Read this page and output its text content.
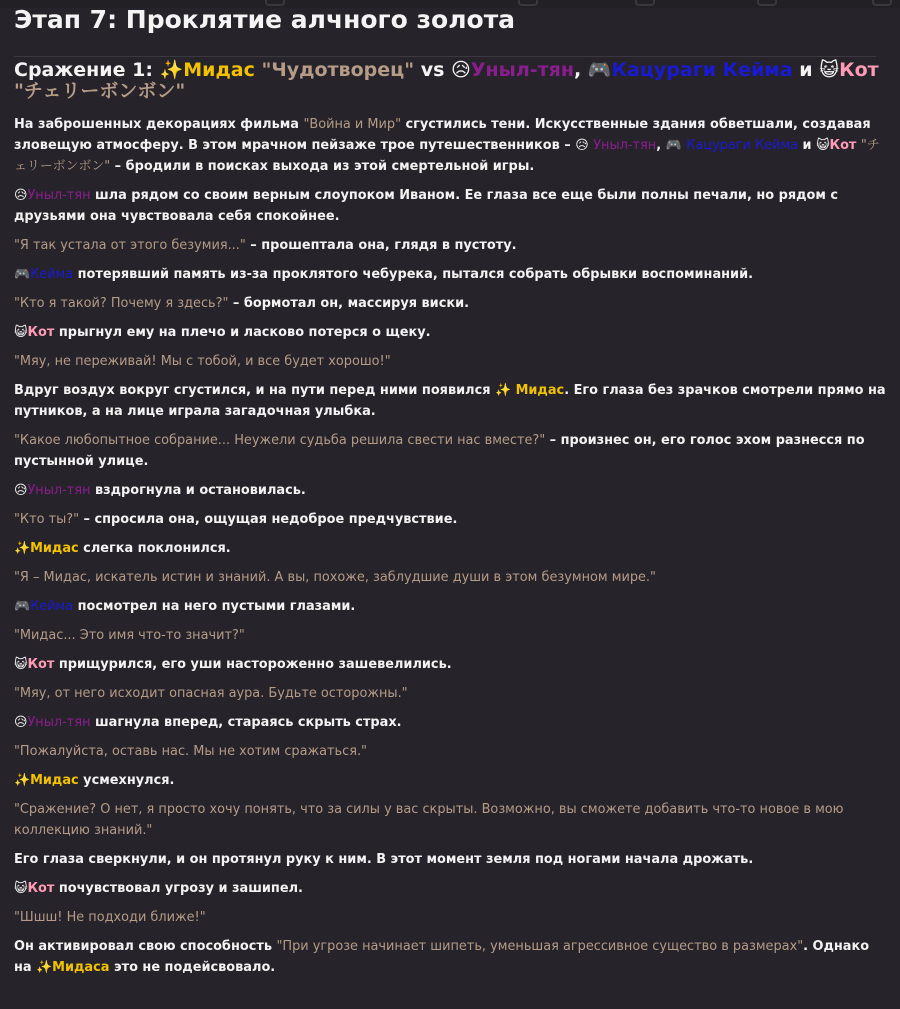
Этап 7: Проклятие алчного золота
Сражение 1: ✨Мидас "Чудотворец" vs 😥Уныл-тян, 🎮Кацураги Кейма и 😺Кот "チェリーボンボン"

На заброшенных декорациях фильма "Война и Мир" сгустились тени. Искусственные здания обветшали, создавая зловещую атмосферу. В этом мрачном пейзаже трое путешественников – 😥 Уныл-тян, 🎮 Кацураги Кейма и 😺Кот "チェリーボンボン" – бродили в поисках выхода из этой смертельной игры.

😥Уныл-тян шла рядом со своим верным слоупоком Иваном. Ее глаза все еще были полны печали, но рядом с друзьями она чувствовала себя спокойнее.

"Я так устала от этого безумия..." – прошептала она, глядя в пустоту.

🎮Кейма потерявший память из-за проклятого чебурека, пытался собрать обрывки воспоминаний.

"Кто я такой? Почему я здесь?" – бормотал он, массируя виски.

😺Кот прыгнул ему на плечо и ласково потерся о щеку.

"Мяу, не переживай! Мы с тобой, и все будет хорошо!"

Вдруг воздух вокруг сгустился, и на пути перед ними появился ✨ Мидас. Его глаза без зрачков смотрели прямо на путников, а на лице играла загадочная улыбка.

"Какое любопытное собрание... Неужели судьба решила свести нас вместе?" – произнес он, его голос эхом разнесся по пустынной улице.

😥Уныл-тян вздрогнула и остановилась.

"Кто ты?" – спросила она, ощущая недоброе предчувствие.

✨Мидас слегка поклонился.

"Я – Мидас, искатель истин и знаний. А вы, похоже, заблудшие души в этом безумном мире."

🎮Кейма посмотрел на него пустыми глазами.

"Мидас... Это имя что-то значит?"

😺Кот прищурился, его уши настороженно зашевелились.

"Мяу, от него исходит опасная аура. Будьте осторожны."

😥Уныл-тян шагнула вперед, стараясь скрыть страх.

"Пожалуйста, оставь нас. Мы не хотим сражаться."

✨Мидас усмехнулся.

"Сражение? О нет, я просто хочу понять, что за силы у вас скрыты. Возможно, вы сможете добавить что-то новое в мою коллекцию знаний."

Его глаза сверкнули, и он протянул руку к ним. В этот момент земля под ногами начала дрожать.

😺Кот почувствовал угрозу и зашипел.

"Шшш! Не подходи ближе!"

Он активировал свою способность "При угрозе начинает шипеть, уменьшая агрессивное существо в размерах". Однако на ✨Мидаса это не подейсвовало.
